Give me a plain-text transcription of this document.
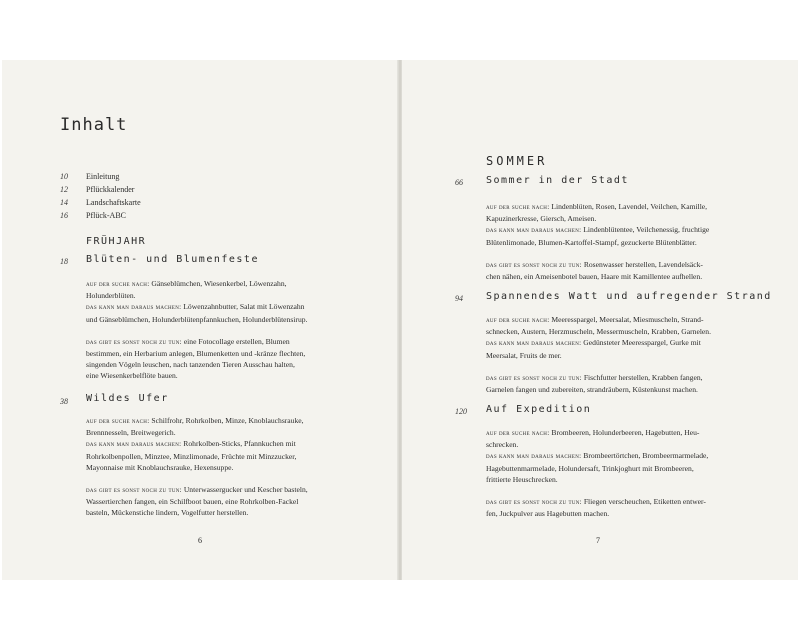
Inhalt
10 Einleitung
12 Pflückkalender
14 Landschaftskarte
16 Pflück-ABC
FRÜHJAHR
18 Blüten- und Blumenfeste
auf der suche nach: Gänseblümchen, Wiesenkerbel, Löwenzahn,
Holunderblüten.
das kann man daraus machen: Löwenzahnbutter, Salat mit Löwenzahn
und Gänseblümchen, Holunderblütenpfannkuchen, Holunderblütensirup.
das gibt es sonst noch zu tun: eine Fotocollage erstellen, Blumen
bestimmen, ein Herbarium anlegen, Blumenketten und -kränze flechten,
singenden Vögeln leuschen, nach tanzenden Tieren Ausschau halten,
eine Wiesenkerbelflöte bauen.
38 Wildes Ufer
auf der suche nach: Schilfrohr, Rohrkolben, Minze, Knoblauchsrauke,
Brennnesseln, Breitwegerich.
das kann man daraus machen: Rohrkolben-Sticks, Pfannkuchen mit
Rohrkolbenpollen, Minztee, Minzlimonade, Früchte mit Minzzucker,
Mayonnaise mit Knoblauchsrauke, Hexensuppe.
das gibt es sonst noch zu tun: Unterwassergucker und Kescher basteln,
Wassertierchen fangen, ein Schilfboot bauen, eine Rohrkolben-Fackel
basteln, Mückenstiche lindern, Vogelfutter herstellen.
6
SOMMER
66 Sommer in der Stadt
auf der suche nach: Lindenblüten, Rosen, Lavendel, Veilchen, Kamille,
Kapuzinerkresse, Giersch, Ameisen.
das kann man daraus machen: Lindenblütentee, Veilchenessig, fruchtige
Blütenlimonade, Blumen-Kartoffel-Stampf, gezuckerte Blütenblätter.
das gibt es sonst noch zu tun: Rosenwasser herstellen, Lavendelsäck-
chen nähen, ein Ameisenbotel bauen, Haare mit Kamillentee aufhellen.
94 Spannendes Watt und aufregender Strand
auf der suche nach: Meeresspargel, Meersalat, Miesmuscheln, Strand-
schnecken, Austern, Herzmuscheln, Messermuscheln, Krabben, Garnelen.
das kann man daraus machen: Gedünsteter Meeresspargel, Gurke mit
Meersalat, Fruits de mer.
das gibt es sonst noch zu tun: Fischfutter herstellen, Krabben fangen,
Garnelen fangen und zubereiten, strandräubern, Küstenkunst machen.
120 Auf Expedition
auf der suche nach: Brombeeren, Holunderbeeren, Hagebutten, Heu-
schrecken.
das kann man daraus machen: Brombeertörtchen, Brombeermarmelade,
Hagebuttenmarmelade, Holundersaft, Trinkjoghurt mit Brombeeren,
frittierte Heuschrecken.
das gibt es sonst noch zu tun: Fliegen verscheuchen, Etiketten entwer-
fen, Juckpulver aus Hagebutten machen.
7
